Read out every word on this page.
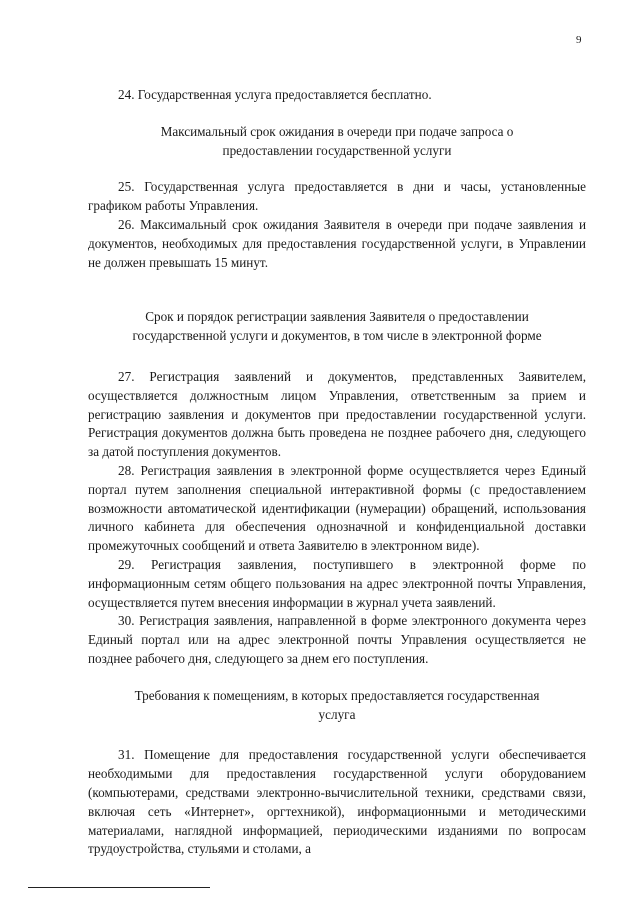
9

24. Государственная услуга предоставляется бесплатно.

Максимальный срок ожидания в очереди при подаче запроса о предоставлении государственной услуги

25. Государственная услуга предоставляется в дни и часы, установленные графиком работы Управления.

26. Максимальный срок ожидания Заявителя в очереди при подаче заявления и документов, необходимых для предоставления государственной услуги, в Управлении не должен превышать 15 минут.

Срок и порядок регистрации заявления Заявителя о предоставлении государственной услуги и документов, в том числе в электронной форме

27. Регистрация заявлений и документов, представленных Заявителем, осуществляется должностным лицом Управления, ответственным за прием и регистрацию заявления и документов при предоставлении государственной услуги. Регистрация документов должна быть проведена не позднее рабочего дня, следующего за датой поступления документов.

28. Регистрация заявления в электронной форме осуществляется через Единый портал путем заполнения специальной интерактивной формы (с предоставлением возможности автоматической идентификации (нумерации) обращений, использования личного кабинета для обеспечения однозначной и конфиденциальной доставки промежуточных сообщений и ответа Заявителю в электронном виде).

29. Регистрация заявления, поступившего в электронной форме по информационным сетям общего пользования на адрес электронной почты Управления, осуществляется путем внесения информации в журнал учета заявлений.

30. Регистрация заявления, направленной в форме электронного документа через Единый портал или на адрес электронной почты Управления осуществляется не позднее рабочего дня, следующего за днем его поступления.

Требования к помещениям, в которых предоставляется государственная услуга

31. Помещение для предоставления государственной услуги обеспечивается необходимыми для предоставления государственной услуги оборудованием (компьютерами, средствами электронно-вычислительной техники, средствами связи, включая сеть «Интернет», оргтехникой), информационными и методическими материалами, наглядной информацией, периодическими изданиями по вопросам трудоустройства, стульями и столами, а
